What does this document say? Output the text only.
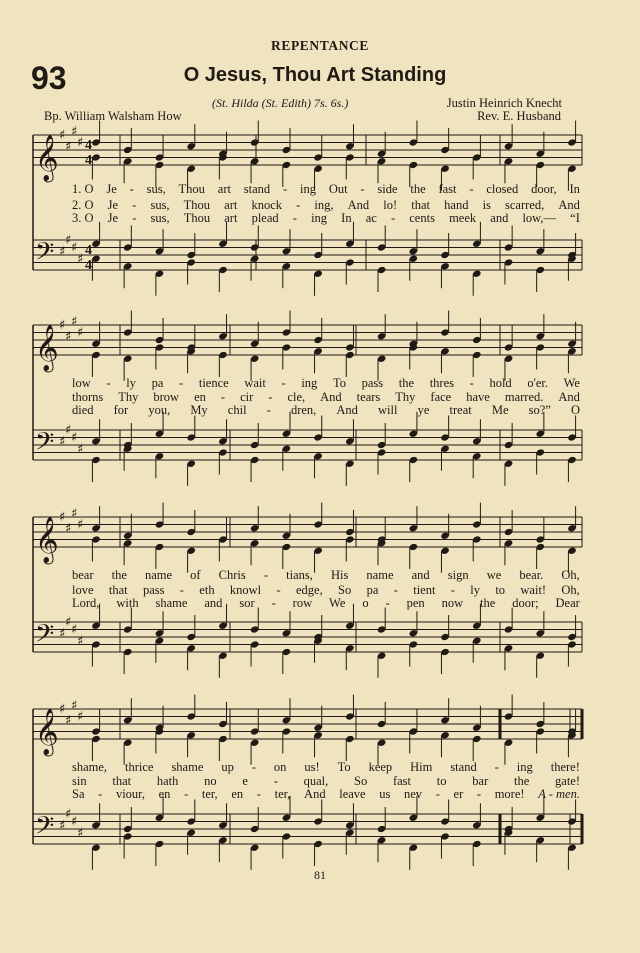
REPENTANCE
93	O Jesus, Thou Art Standing
(St. Hilda (St. Edith) 7s. 6s.)	Justin Heinrich Knecht
Bp. William Walsham How	Rev. E. Husband
𝄞
𝄢
♯
♯
♯
♯
♯
♯ ♯
♯
4
4
4
4
𝄞
𝄢
♯
♯
♯
♯
♯
♯ ♯
♯
𝄞
𝄢
♯
♯
♯
♯
♯
♯ ♯
♯
𝄞
𝄢
♯
♯
♯
♯
♯
♯ ♯
♯
1. O Je - sus, Thou art stand - ing Out - side the fast - closed door, In
2. O Je - sus, Thou art knock - ing, And lo! that hand is scarred, And
3. O Je - sus, Thou art plead - ing In ac - cents meek and low,— “I
low - ly pa - tience wait - ing To pass the thres - hold o'er. We
thorns Thy brow en - cir - cle, And tears Thy face have marred. And
died for you, My chil - dren, And will ye treat Me so?” O
bear the name of Chris - tians, His name and sign we bear. Oh,
love that pass - eth knowl - edge, So pa - tient - ly to wait! Oh,
Lord, with shame and sor - row We o - pen now the door; Dear
shame, thrice shame up - on us! To keep Him stand - ing there!
sin that hath no e - qual, So fast to bar the gate!
Sa - viour, en - ter, en - ter, And leave us nev - er - more! A - men.
81
